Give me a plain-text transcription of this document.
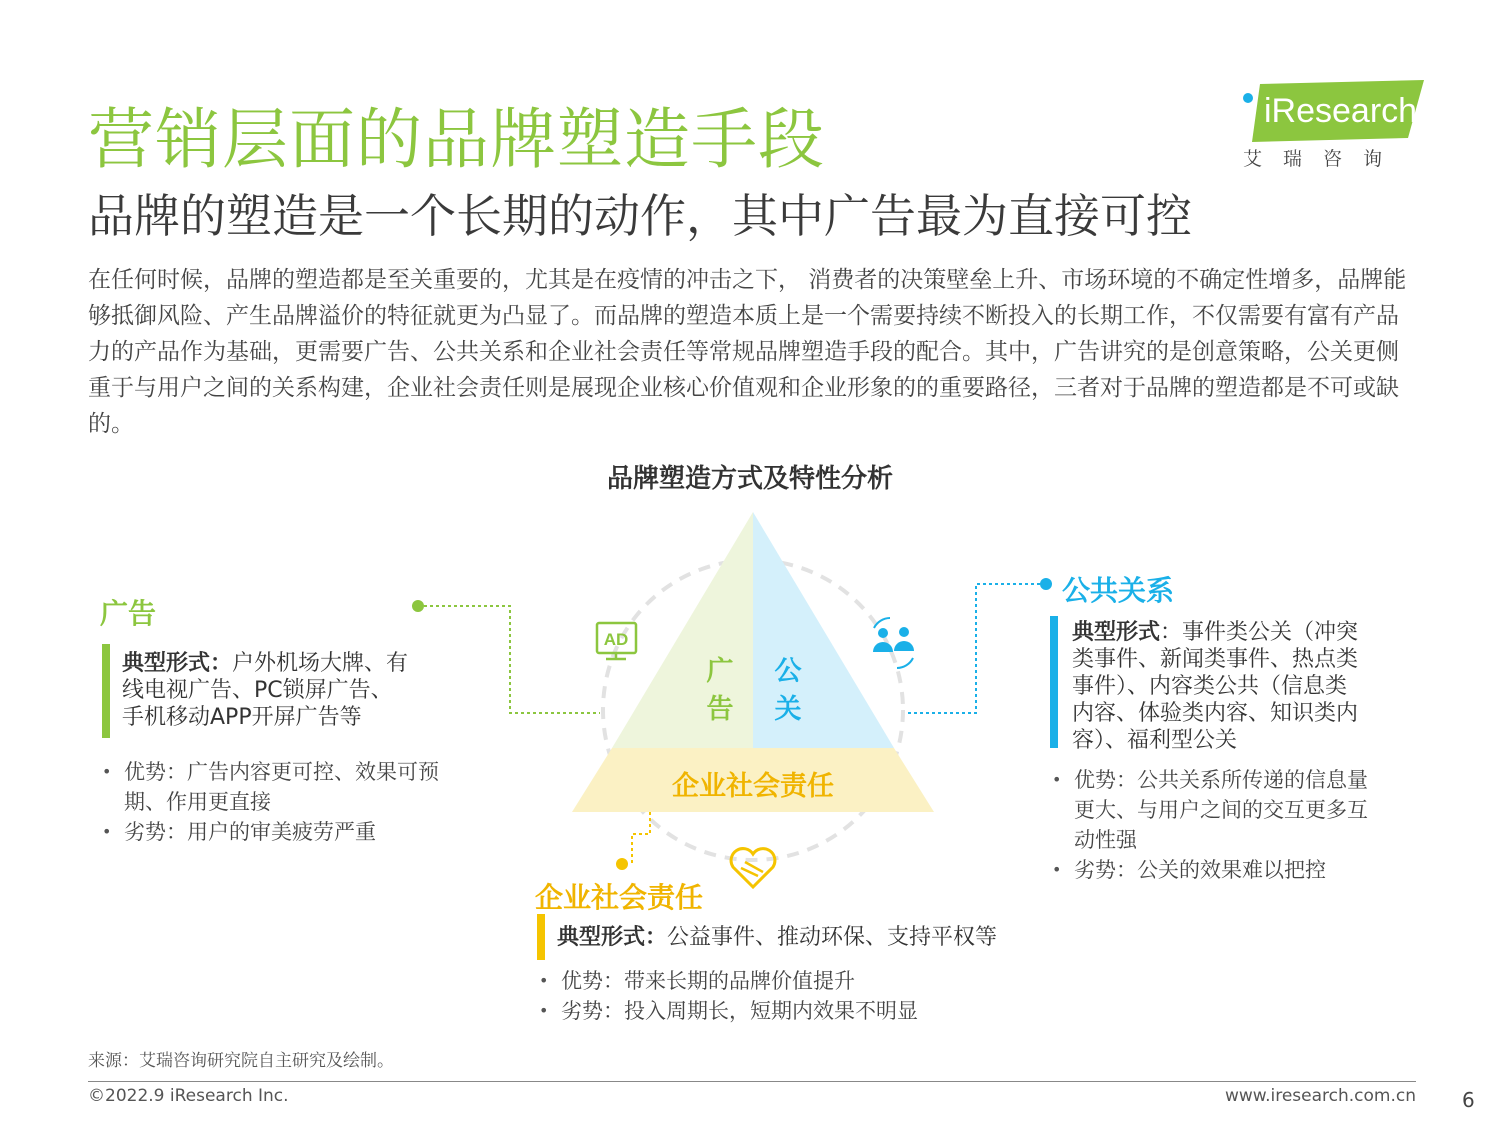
营销层面的品牌塑造手段
品牌的塑造是一个长期的动作，其中广告最为直接可控
iResearch
艾瑞咨询
在任何时候，品牌的塑造都是至关重要的，尤其是在疫情的冲击之下， 消费者的决策壁垒上升、市场环境的不确定性增多，品牌能够抵御风险、产生品牌溢价的特征就更为凸显了。而品牌的塑造本质上是一个需要持续不断投入的长期工作，不仅需要有富有产品力的产品作为基础，更需要广告、公共关系和企业社会责任等常规品牌塑造手段的配合。其中，广告讲究的是创意策略，公关更侧重于与用户之间的关系构建，企业社会责任则是展现企业核心价值观和企业形象的的重要路径，三者对于品牌的塑造都是不可或缺的。
品牌塑造方式及特性分析
AD
广
告
公
关
企业社会责任
广告
典型形式：户外机场大牌、有
线电视广告、PC锁屏广告、
手机移动APP开屏广告等
• 优势：广告内容更可控、效果可预
期、作用更直接
• 劣势：用户的审美疲劳严重
公共关系
典型形式：事件类公关（冲突
类事件、新闻类事件、热点类
事件）、内容类公共（信息类
内容、体验类内容、知识类内
容）、福利型公关
• 优势：公共关系所传递的信息量
更大、与用户之间的交互更多互
动性强
• 劣势：公关的效果难以把控
企业社会责任
典型形式：公益事件、推动环保、支持平权等
• 优势：带来长期的品牌价值提升
• 劣势：投入周期长，短期内效果不明显
来源：艾瑞咨询研究院自主研究及绘制。
©2022.9 iResearch Inc.	www.iresearch.com.cn 6
